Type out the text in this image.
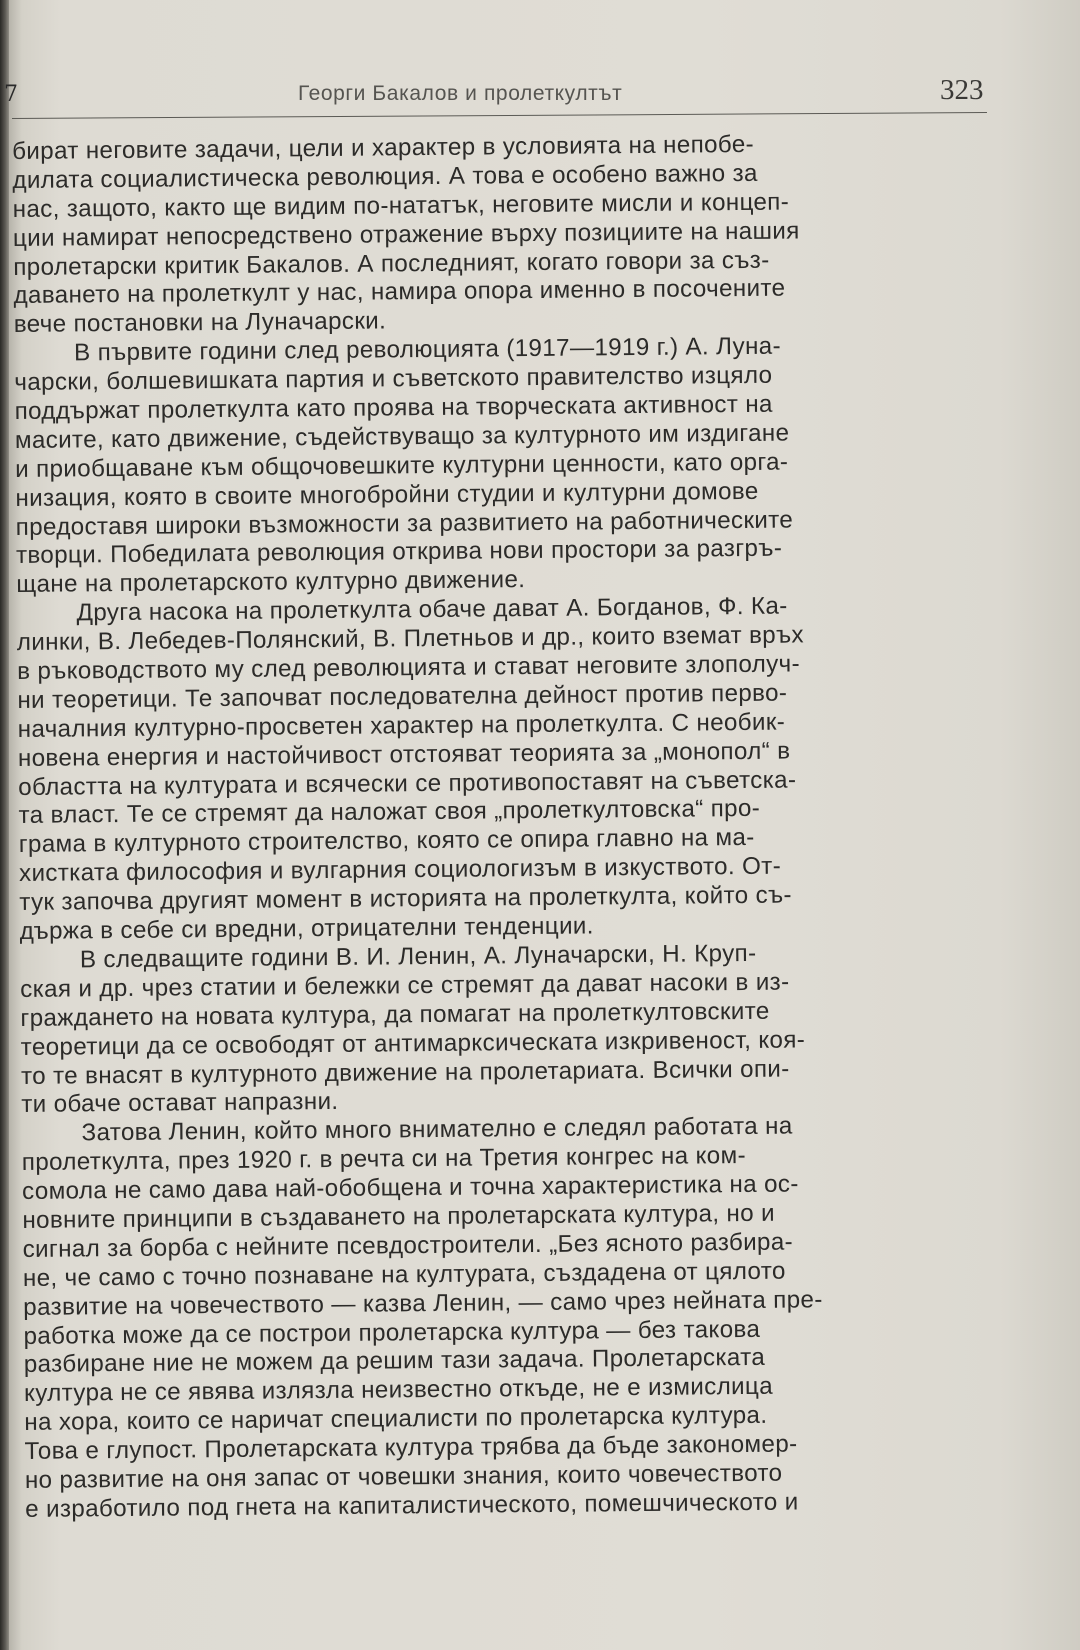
7	Георги Бакалов и пролеткултът	323
бират неговите задачи, цели и характер в условията на непобе-
дилата социалистическа революция. А това е особено важно за
нас, защото, както ще видим по-нататък, неговите мисли и концеп-
ции намират непосредствено отражение върху позициите на нашия
пролетарски критик Бакалов. А последният, когато говори за съз-
даването на пролеткулт у нас, намира опора именно в посочените
вече постановки на Луначарски.
В първите години след революцията (1917—1919 г.) А. Луна-
чарски, болшевишката партия и съветското правителство изцяло
поддържат пролеткулта като проява на творческата активност на
масите, като движение, съдействуващо за културното им издигане
и приобщаване към общочовешките културни ценности, като орга-
низация, която в своите многобройни студии и културни домове
предоставя широки възможности за развитието на работническите
творци. Победилата революция открива нови простори за разгръ-
щане на пролетарското културно движение.
Друга насока на пролеткулта обаче дават А. Богданов, Ф. Ка-
линки, В. Лебедев-Полянский, В. Плетньов и др., които вземат връх
в ръководството му след революцията и стават неговите злополуч-
ни теоретици. Те започват последователна дейност против перво-
началния културно-просветен характер на пролеткулта. С необик-
новена енергия и настойчивост отстояват теорията за „монопол“ в
областта на културата и всячески се противопоставят на съветска-
та власт. Те се стремят да наложат своя „пролеткултовска“ про-
грама в културното строителство, която се опира главно на ма-
хистката философия и вулгарния социологизъм в изкуството. От-
тук започва другият момент в историята на пролеткулта, който съ-
държа в себе си вредни, отрицателни тенденции.
В следващите години В. И. Ленин, А. Луначарски, Н. Круп-
ская и др. чрез статии и бележки се стремят да дават насоки в из-
граждането на новата култура, да помагат на пролеткултовските
теоретици да се освободят от антимарксическата изкривеност, коя-
то те внасят в културното движение на пролетариата. Всички опи-
ти обаче остават напразни.
Затова Ленин, който много внимателно е следял работата на
пролеткулта, през 1920 г. в речта си на Третия конгрес на ком-
сомола не само дава най-обобщена и точна характеристика на ос-
новните принципи в създаването на пролетарската култура, но и
сигнал за борба с нейните псевдостроители. „Без ясното разбира-
не, че само с точно познаване на културата, създадена от цялото
развитие на човечеството — казва Ленин, — само чрез нейната пре-
работка може да се построи пролетарска култура — без такова
разбиране ние не можем да решим тази задача. Пролетарската
култура не се явява излязла неизвестно откъде, не е измислица
на хора, които се наричат специалисти по пролетарска култура.
Това е глупост. Пролетарската култура трябва да бъде закономер-
но развитие на оня запас от човешки знания, които човечеството
е изработило под гнета на капиталистическото, помешчическото и
